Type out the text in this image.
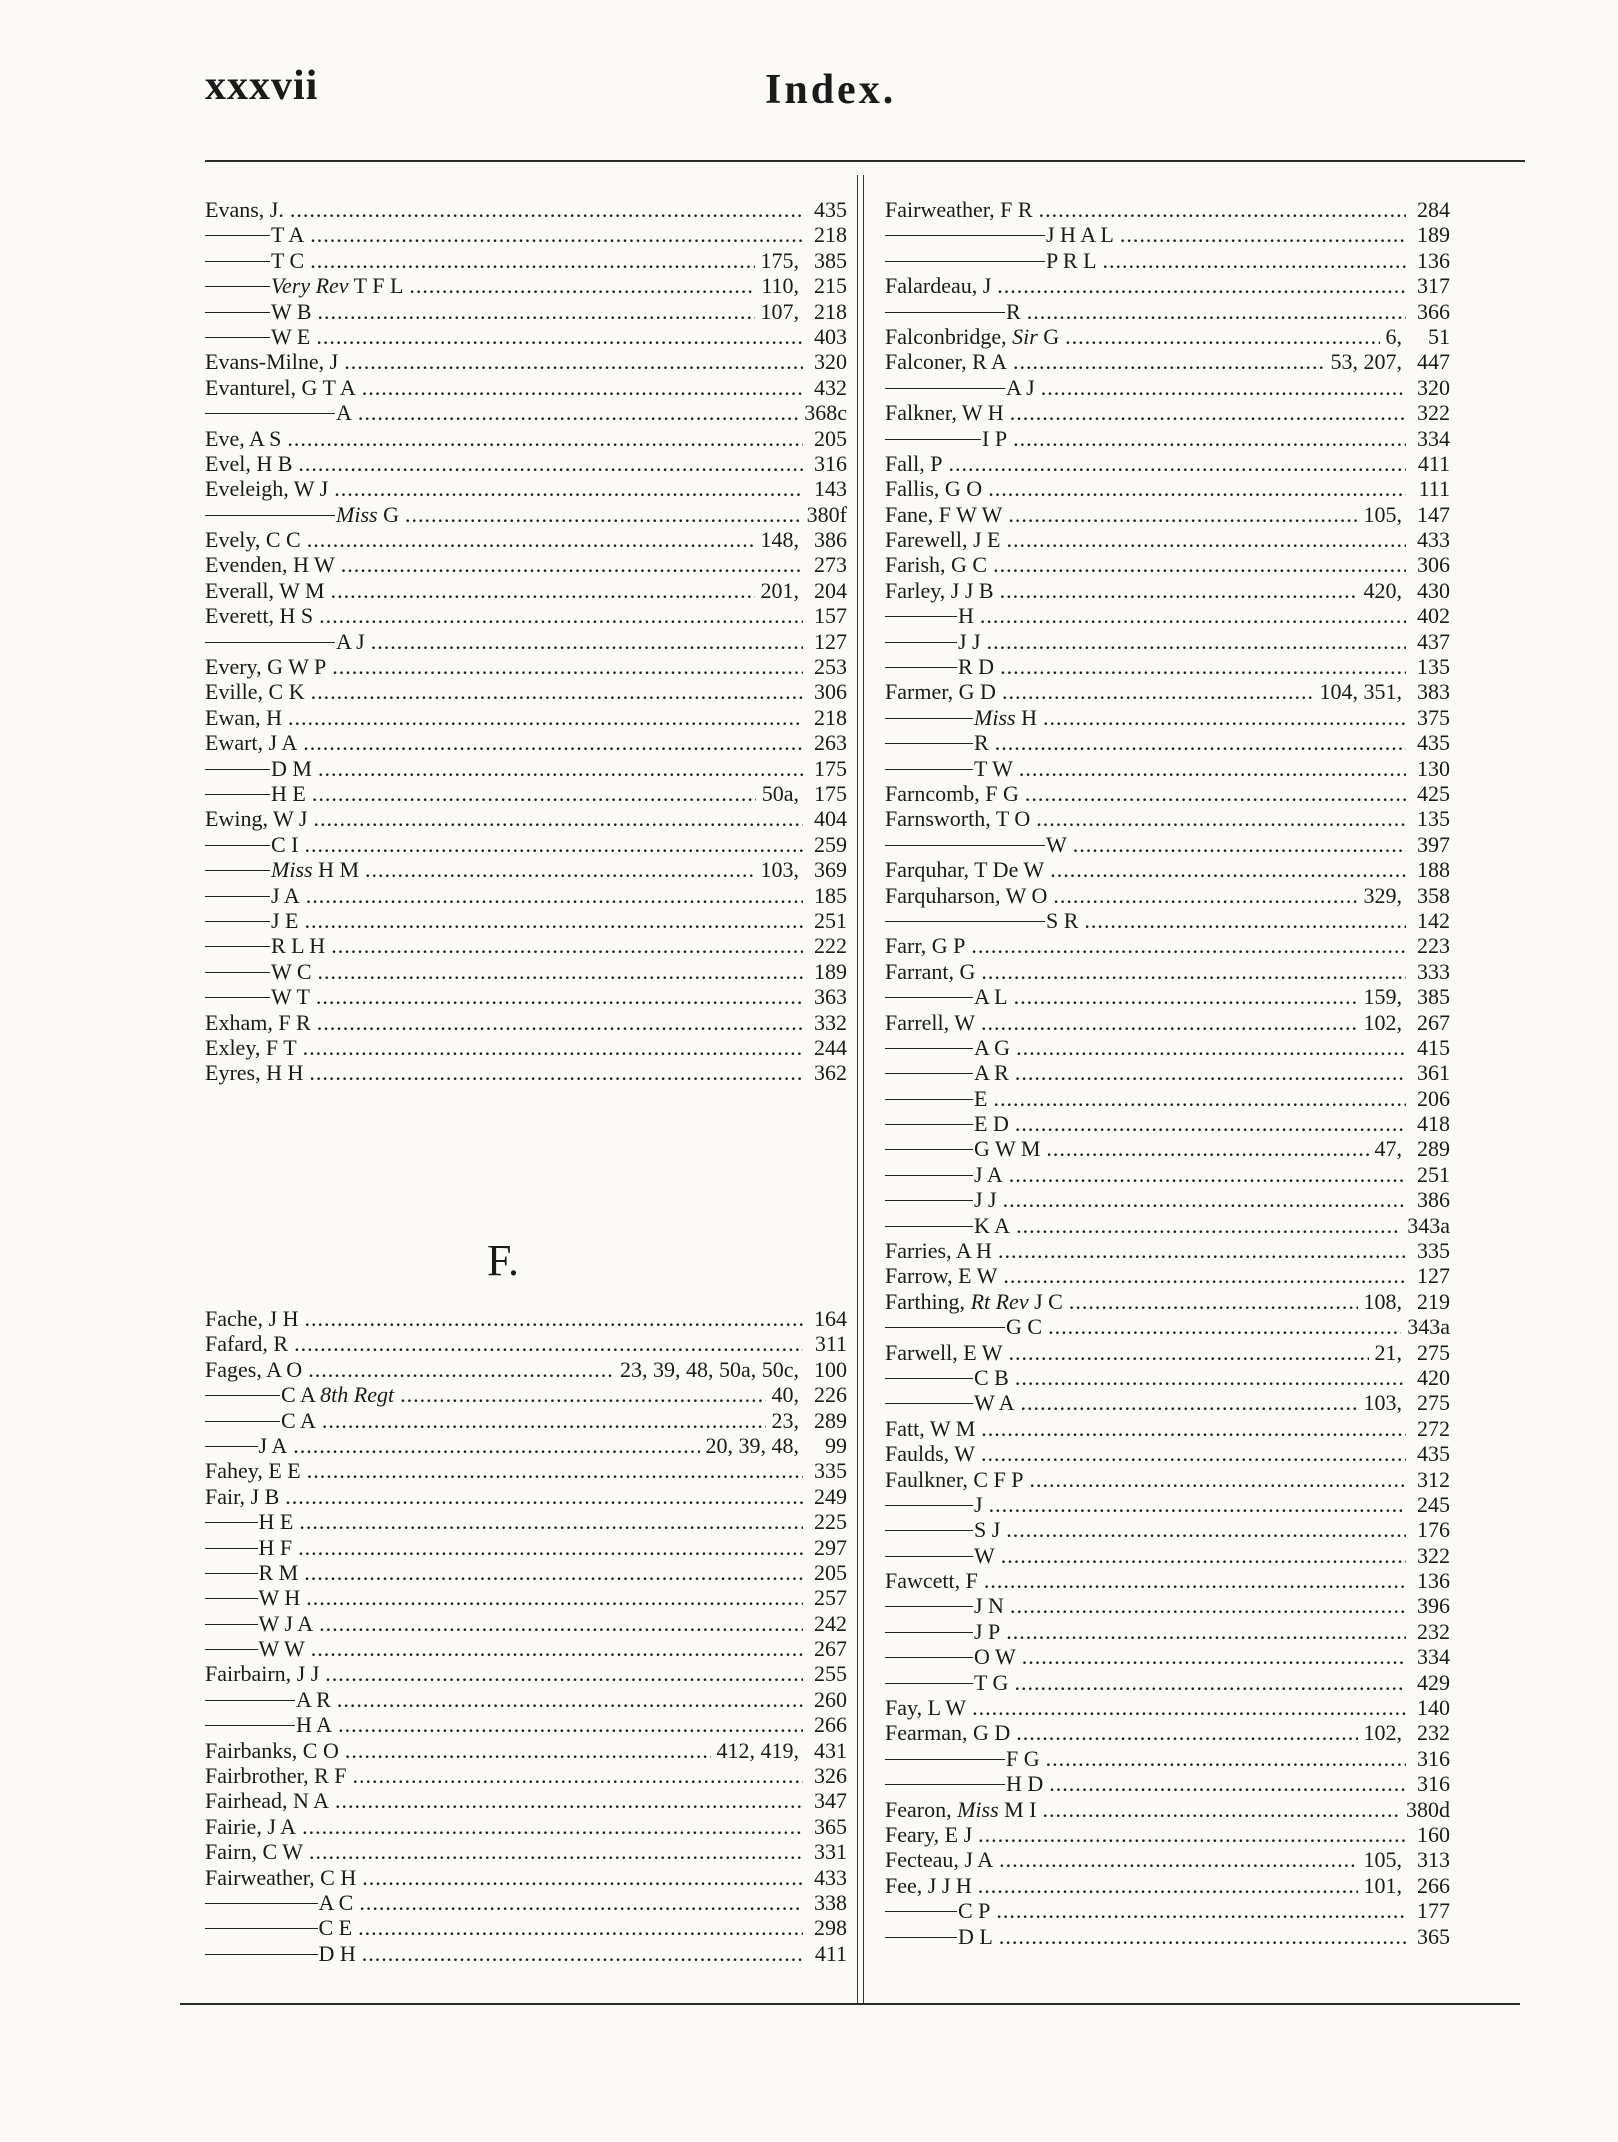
xxxvii	Index.
Evans, J. .....	435
T A .....	218
T C .....	175, 385
Very Rev T F L .....	110, 215
W B .....	107, 218
W E .....	403
Evans-Milne, J .....	320
Evanturel, G T A .....	432
A .....	368c
Eve, A S .....	205
Evel, H B .....	316
Eveleigh, W J .....	143
Miss G .....	380f
Evely, C C .....	148, 386
Evenden, H W .....	273
Everall, W M .....	201, 204
Everett, H S .....	157
A J .....	127
Every, G W P .....	253
Eville, C K .....	306
Ewan, H .....	218
Ewart, J A .....	263
D M .....	175
H E .....	50a, 175
Ewing, W J .....	404
C I .....	259
Miss H M .....	103, 369
J A .....	185
J E .....	251
R L H .....	222
W C .....	189
W T .....	363
Exham, F R .....	332
Exley, F T .....	244
Eyres, H H .....	362
F.
Fache, J H .....	164
Fafard, R .....	311
Fages, A O .....	23, 39, 48, 50a, 50c, 100
C A 8th Regt .....	40, 226
C A .....	23, 289
J A .....	20, 39, 48,	99
Fahey, E E .....	335
Fair, J B .....	249
H E .....	225
H F .....	297
R M .....	205
W H .....	257
W J A .....	242
W W .....	267
Fairbairn, J J .....	255
A R .....	260
H A .....	266
Fairbanks, C O .....	412, 419, 431
Fairbrother, R F .....	326
Fairhead, N A .....	347
Fairie, J A .....	365
Fairn, C W .....	331
Fairweather, C H .....	433
A C .....	338
C E .....	298
D H .....	411
Fairweather, F R .....	284
J H A L .....	189
P R L .....	136
Falardeau, J .....	317
R .....	366
Falconbridge, Sir G .....	6,	51
Falconer, R A .....	53, 207, 447
A J .....	320
Falkner, W H .....	322
I P .....	334
Fall, P .....	411
Fallis, G O .....	111
Fane, F W W .....	105, 147
Farewell, J E .....	433
Farish, G C .....	306
Farley, J J B .....	420, 430
H .....	402
J J .....	437
R D .....	135
Farmer, G D .....	104, 351, 383
Miss H .....	375
R .....	435
T W .....	130
Farncomb, F G .....	425
Farnsworth, T O .....	135
W .....	397
Farquhar, T De W .....	188
Farquharson, W O .....	329, 358
S R .....	142
Farr, G P .....	223
Farrant, G .....	333
A L .....	159, 385
Farrell, W .....	102, 267
A G .....	415
A R .....	361
E .....	206
E D .....	418
G W M .....	47, 289
J A .....	251
J J .....	386
K A .....	343a
Farries, A H .....	335
Farrow, E W .....	127
Farthing, Rt Rev J C .....	108, 219
G C .....	343a
Farwell, E W .....	21, 275
C B .....	420
W A .....	103, 275
Fatt, W M .....	272
Faulds, W .....	435
Faulkner, C F P .....	312
J .....	245
S J .....	176
W .....	322
Fawcett, F .....	136
J N .....	396
J P .....	232
O W .....	334
T G .....	429
Fay, L W .....	140
Fearman, G D .....	102, 232
F G .....	316
H D .....	316
Fearon, Miss M I .....	380d
Feary, E J .....	160
Fecteau, J A .....	105, 313
Fee, J J H .....	101, 266
C P .....	177
D L .....	365
